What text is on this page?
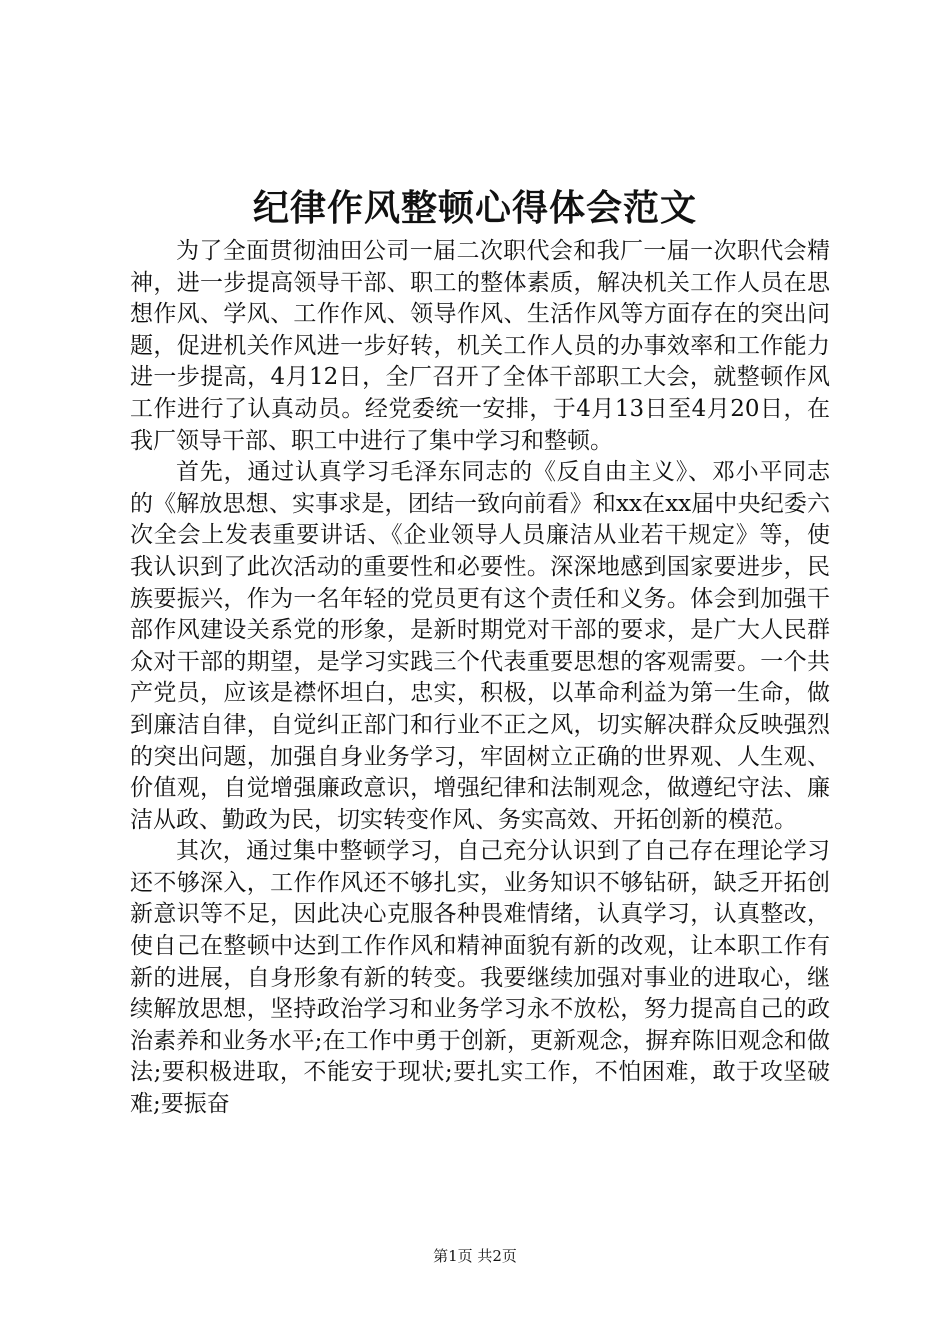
纪律作风整顿心得体会范文

为了全面贯彻油田公司一届二次职代会和我厂一届一次职代会精神，进一步提高领导干部、职工的整体素质，解决机关工作人员在思想作风、学风、工作作风、领导作风、生活作风等方面存在的突出问题，促进机关作风进一步好转，机关工作人员的办事效率和工作能力进一步提高，4月12日，全厂召开了全体干部职工大会，就整顿作风工作进行了认真动员。经党委统一安排，于4月13日至4月20日，在我厂领导干部、职工中进行了集中学习和整顿。

首先，通过认真学习毛泽东同志的《反自由主义》、邓小平同志的《解放思想、实事求是，团结一致向前看》和xx在xx届中央纪委六次全会上发表重要讲话、《企业领导人员廉洁从业若干规定》等，使我认识到了此次活动的重要性和必要性。深深地感到国家要进步，民族要振兴，作为一名年轻的党员更有这个责任和义务。体会到加强干部作风建设关系党的形象，是新时期党对干部的要求，是广大人民群众对干部的期望，是学习实践三个代表重要思想的客观需要。一个共产党员，应该是襟怀坦白，忠实，积极，以革命利益为第一生命，做到廉洁自律，自觉纠正部门和行业不正之风，切实解决群众反映强烈的突出问题，加强自身业务学习，牢固树立正确的世界观、人生观、价值观，自觉增强廉政意识，增强纪律和法制观念，做遵纪守法、廉洁从政、勤政为民，切实转变作风、务实高效、开拓创新的模范。

其次，通过集中整顿学习，自己充分认识到了自己存在理论学习还不够深入，工作作风还不够扎实，业务知识不够钻研，缺乏开拓创新意识等不足，因此决心克服各种畏难情绪，认真学习，认真整改，使自己在整顿中达到工作作风和精神面貌有新的改观，让本职工作有新的进展，自身形象有新的转变。我要继续加强对事业的进取心，继续解放思想，坚持政治学习和业务学习永不放松，努力提高自己的政治素养和业务水平;在工作中勇于创新，更新观念，摒弃陈旧观念和做法;要积极进取，不能安于现状;要扎实工作，不怕困难，敢于攻坚破难;要振奋

第1页 共2页
